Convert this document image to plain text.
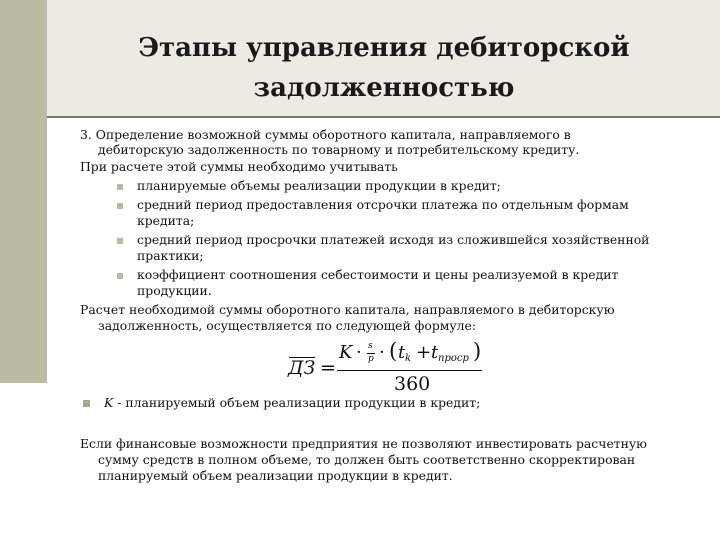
Этапы управления дебиторской
задолженностью
3. Определение возможной суммы оборотного капитала, направляемого в
дебиторскую задолженность по товарному и потребительскому кредиту.
При расчете этой суммы необходимо учитывать
планируемые объемы реализации продукции в кредит;
средний период предоставления отсрочки платежа по отдельным формам
кредита;
средний период просрочки платежей исходя из сложившейся хозяйственной
практики;
коэффициент соотношения себестоимости и цены реализуемой в кредит
продукции.
Расчет необходимой суммы оборотного капитала, направляемого в дебиторскую
задолженность, осуществляется по следующей формуле:
ДЗ =
K · s
p · ( t k + t проср )
360
K - планируемый объем реализации продукции в кредит;
Если финансовые возможности предприятия не позволяют инвестировать расчетную
сумму средств в полном объеме, то должен быть соответственно скорректирован
планируемый объем реализации продукции в кредит.
